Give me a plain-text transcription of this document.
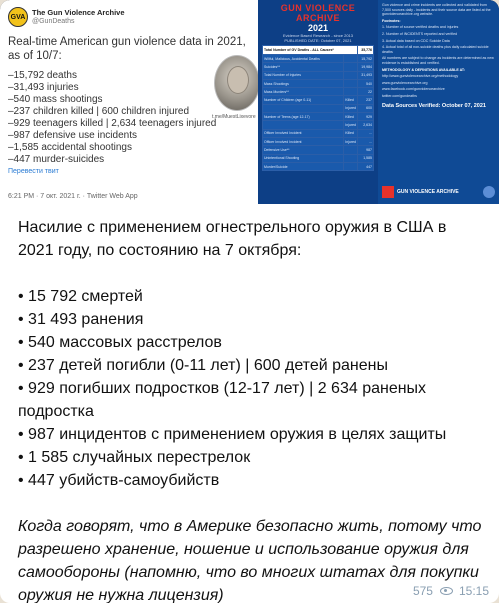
GVA The Gun Violence Archive
@GunDeaths
Real-time American gun violence data in 2021, as of 10/7:
–15,792 deaths
–31,493 injuries
–540 mass shootings
–237 children killed | 600 children injured
–929 teenagers killed | 2,634 teenagers injured
–987 defensive use incidents
–1,585 accidental shootings
–447 murder-suicides
Перевести твит
t.me/MuestLixevore
6:21 PM · 7 окт. 2021 г. · Twitter Web App
GUN VIOLENCE ARCHIVE
2021
Evidence Based Research - since 2013
PUBLISHED DATE: October 07, 2021
Total Number of GV Deaths - ALL Causes*		35,776
Willful, Malicious, Accidental Deaths		15,792
Suicides**		19,984
Total Number of Injuries		31,493
Mass Shootings		540
Mass Murders**		22
Number of Children (age 0-11)	Killed	237
	Injured	600
Number of Teens (age 12-17)	Killed	929
	Injured	2,634
Officer Involved Incident	Killed	...
Officer Involved Incident	Injured	...
Defensive Use**		987
Unintentional Shooting		1,585
Murder/Suicide		447

Gun violence and crime incidents are collected and validated from 7,500 sources daily - incidents and their source data are listed at the gunviolencearchive.org website.

Footnotes:

1. Number of source verified deaths and injuries

2. Number of INCIDENTS reported and verified

3. Actual data based on CDC Suicide Data

4. Actual total of all non-suicide deaths plus daily calculated suicide deaths

All numbers are subject to change as incidents are determined as new evidence is established and verified.

METHODOLOGY & DEFINITIONS AVAILABLE AT:

http://www.gunviolencearchive.org/methodology

www.gunviolencearchive.org

www.facebook.com/gunviolencearchive

twitter.com/gundeaths

Data Sources Verified: October 07, 2021
GUN VIOLENCE ARCHIVE

Насилие с применением огнестрельного оружия в США в 2021 году, по состоянию на 7 октября:

• 15 792 смертей
• 31 493 ранения
• 540 массовых расстрелов
• 237 детей погибли (0-11 лет) | 600 детей ранены
• 929 погибших подростков (12-17 лет) | 2 634 раненых подростка
• 987 инцидентов с применением оружия в целях защиты
• 1 585 случайных перестрелок
• 447 убийств-самоубийств

Когда говорят, что в Америке безопасно жить, потому что разрешено хранение, ношение и использование оружия для самообороны (напомню, что во многих штатах для покупки оружия не нужна лицензия)	575 15:15
